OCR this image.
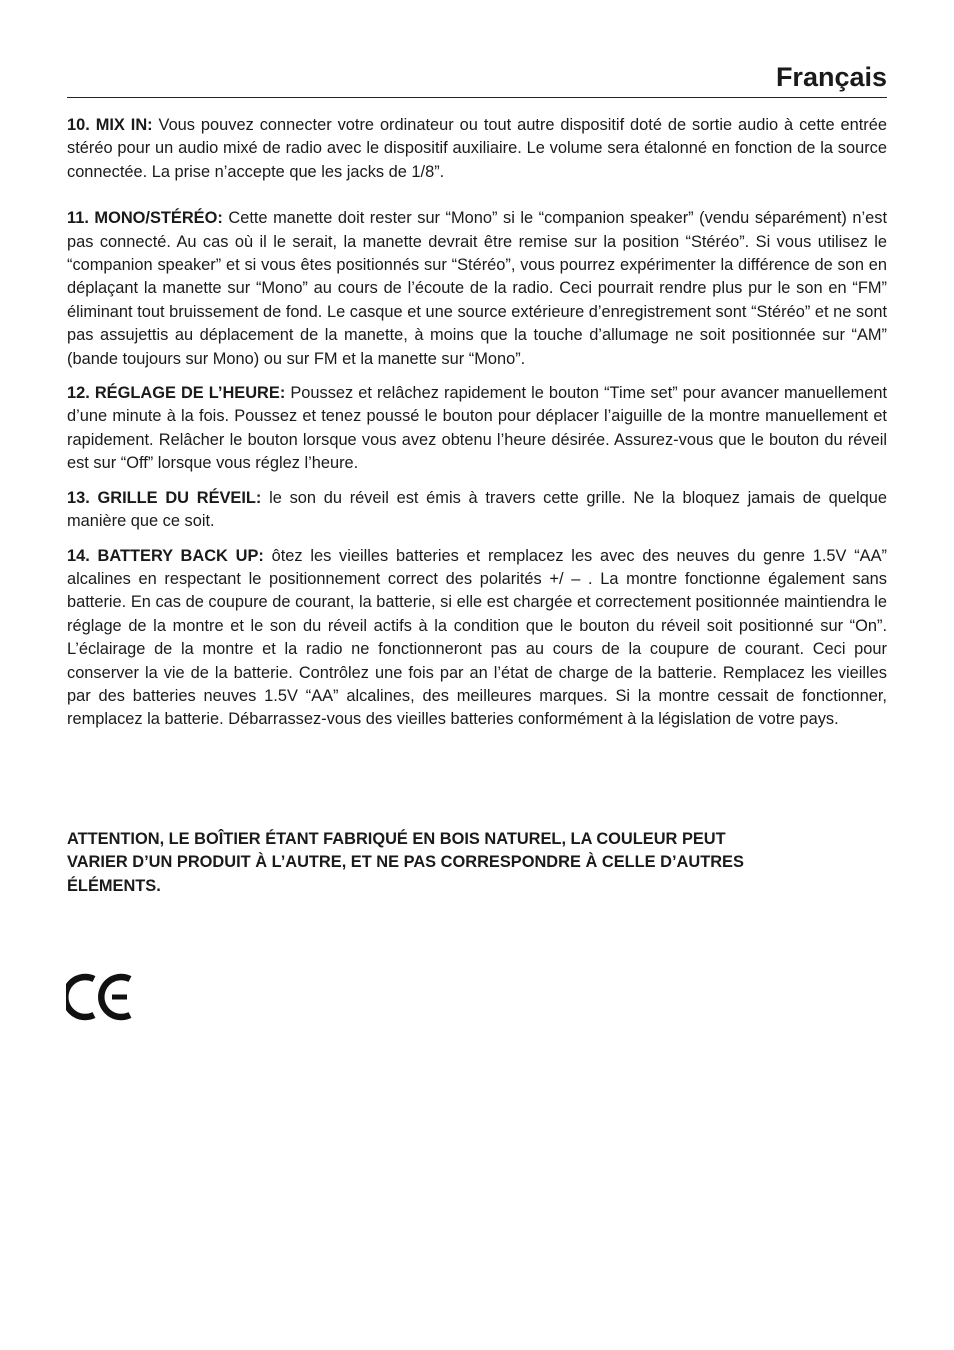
Français

10. MIX IN: Vous pouvez connecter votre ordinateur ou tout autre dispositif doté de sortie audio à cette entrée stéréo pour un audio mixé de radio avec le dispositif auxiliaire. Le volume sera étalonné en fonction de la source connectée. La prise n’accepte que les jacks de 1/8”.

11. MONO/STÉRÉO: Cette manette doit rester sur “Mono” si le “companion speaker” (vendu séparément) n’est pas connecté. Au cas où il le serait, la manette devrait être remise sur la position “Stéréo”. Si vous utilisez le “companion speaker” et si vous êtes positionnés sur “Stéréo”, vous pourrez expérimenter la différence de son en déplaçant la manette sur “Mono” au cours de l’écoute de la radio. Ceci pourrait rendre plus pur le son en “FM” éliminant tout bruissement de fond. Le casque et une source extérieure d’enregistrement sont “Stéréo” et ne sont pas assujettis au déplacement de la manette, à moins que la touche d’allumage ne soit positionnée sur “AM” (bande toujours sur Mono) ou sur FM et la manette sur “Mono”.

12. RÉGLAGE DE L’HEURE: Poussez et relâchez rapidement le bouton “Time set” pour avancer manuellement d’une minute à la fois. Poussez et tenez poussé le bouton pour déplacer l’aiguille de la montre manuellement et rapidement. Relâcher le bouton lorsque vous avez obtenu l’heure désirée. Assurez-vous que le bouton du réveil est sur “Off” lorsque vous réglez l’heure.

13. GRILLE DU RÉVEIL: le son du réveil est émis à travers cette grille. Ne la bloquez jamais de quelque manière que ce soit.

14. BATTERY BACK UP: ôtez les vieilles batteries et remplacez les avec des neuves du genre 1.5V “AA” alcalines en respectant le positionnement correct des polarités +/ – . La montre fonctionne également sans batterie. En cas de coupure de courant, la batterie, si elle est chargée et correctement positionnée maintiendra le réglage de la montre et le son du réveil actifs à la condition que le bouton du réveil soit positionné sur “On”. L’éclairage de la montre et la radio ne fonctionneront pas au cours de la coupure de courant. Ceci pour conserver la vie de la batterie. Contrôlez une fois par an l’état de charge de la batterie. Remplacez les vieilles par des batteries neuves 1.5V “AA” alcalines, des meilleures marques. Si la montre cessait de fonctionner, remplacez la batterie. Débarrassez-vous des vieilles batteries conformément à la législation de votre pays.

ATTENTION, LE BOÎTIER ÉTANT FABRIQUÉ EN BOIS NATUREL, LA COULEUR PEUT
VARIER D’UN PRODUIT À L’AUTRE, ET NE PAS CORRESPONDRE À CELLE D’AUTRES
ÉLÉMENTS.
